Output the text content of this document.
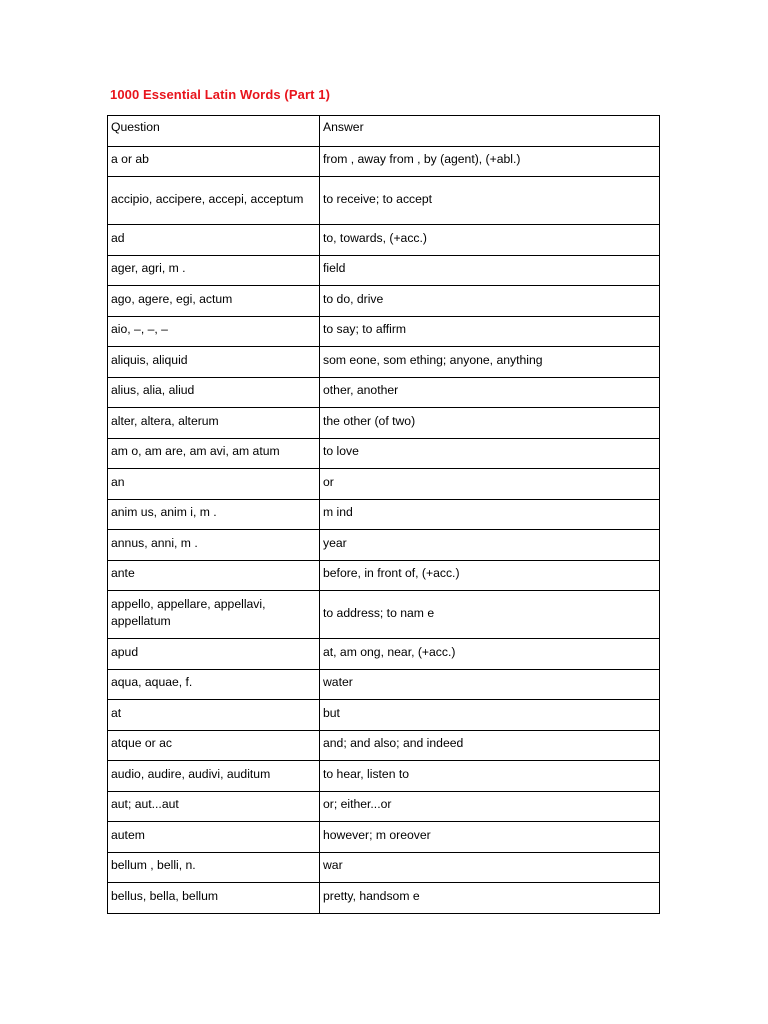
1000 Essential Latin Words (Part 1)
Question	Answer
a or ab	from , away from , by (agent), (+abl.)
accipio, accipere, accepi, acceptum	to receive; to accept
ad	to, towards, (+acc.)
ager, agri, m .	field
ago, agere, egi, actum	to do, drive
aio, –, –, –	to say; to affirm
aliquis, aliquid	som eone, som ething; anyone, anything
alius, alia, aliud	other, another
alter, altera, alterum	the other (of two)
am o, am are, am avi, am atum	to love
an	or
anim us, anim i, m .	m ind
annus, anni, m .	year
ante	before, in front of, (+acc.)
appello, appellare, appellavi, appellatum	to address; to nam e
apud	at, am ong, near, (+acc.)
aqua, aquae, f.	water
at	but
atque or ac	and; and also; and indeed
audio, audire, audivi, auditum	to hear, listen to
aut; aut...aut	or; either...or
autem	however; m oreover
bellum , belli, n.	war
bellus, bella, bellum	pretty, handsom e
